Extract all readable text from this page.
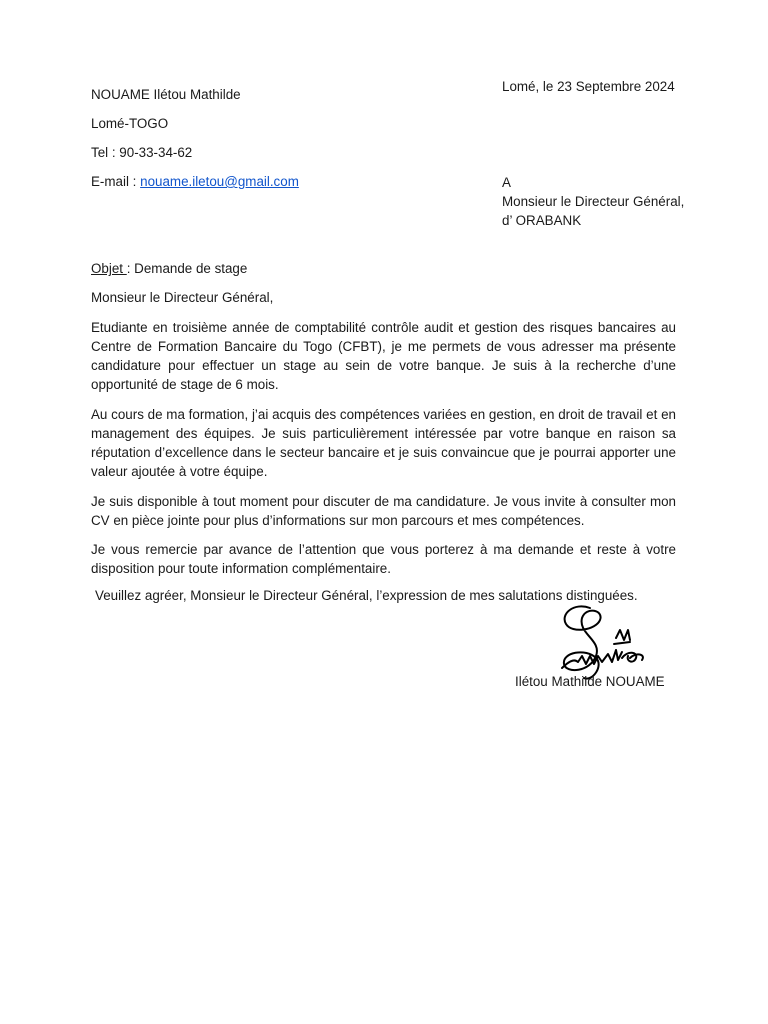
NOUAME Ilétou Mathilde

Lomé-TOGO

Tel : 90-33-34-62

E-mail : nouame.iletou@gmail.com

Lomé, le 23 Septembre 2024

A

Monsieur le Directeur Général,

d’ ORABANK

Objet : Demande de stage

Monsieur le Directeur Général,

Etudiante en troisième année de comptabilité contrôle audit et gestion des risques bancaires au Centre de Formation Bancaire du Togo (CFBT), je me permets de vous adresser ma présente candidature pour effectuer un stage au sein de votre banque. Je suis à la recherche d’une opportunité de stage de 6 mois.

Au cours de ma formation, j’ai acquis des compétences variées en gestion, en droit de travail et en management des équipes. Je suis particulièrement intéressée par votre banque en raison sa réputation d’excellence dans le secteur bancaire et je suis convaincue que je pourrai apporter une valeur ajoutée à votre équipe.

Je suis disponible à tout moment pour discuter de ma candidature. Je vous invite à consulter mon CV en pièce jointe pour plus d’informations sur mon parcours et mes compétences.

Je vous remercie par avance de l’attention que vous porterez à ma demande et reste à votre disposition pour toute information complémentaire.

Veuillez agréer, Monsieur le Directeur Général, l’expression de mes salutations distinguées.

Ilétou Mathilde NOUAME
